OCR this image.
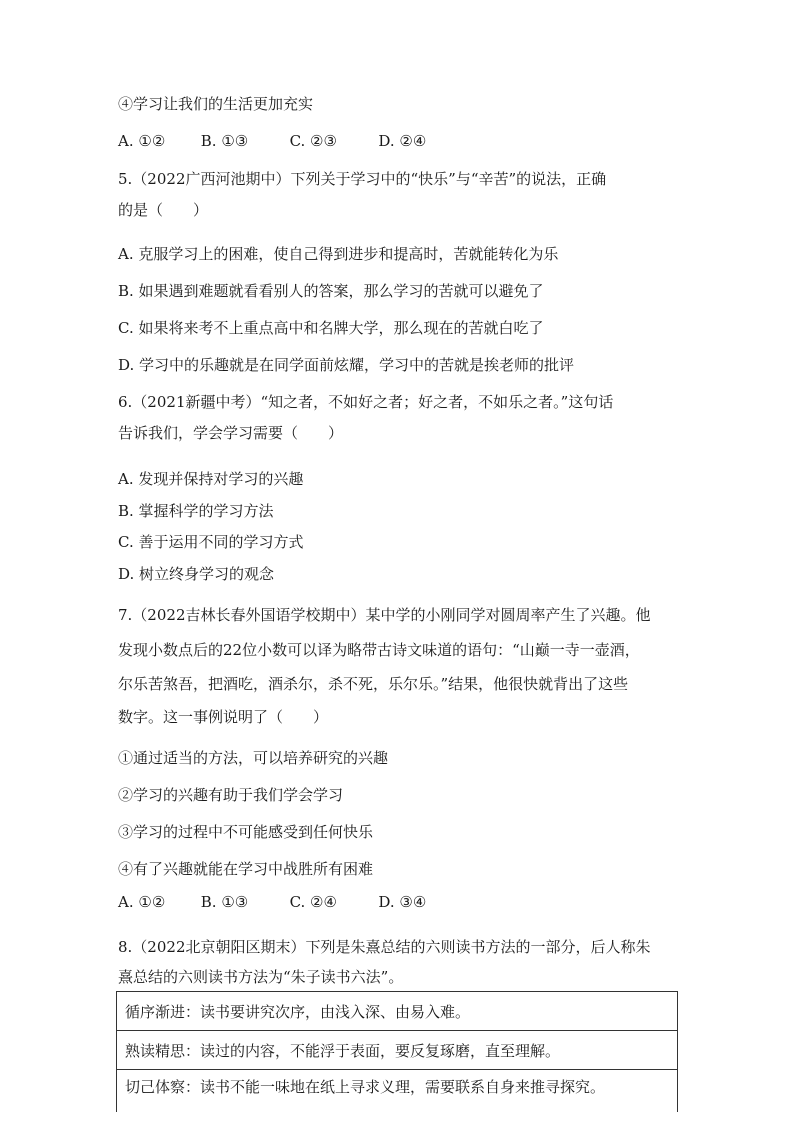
④学习让我们的生活更加充实
A. ①② B. ①③	C. ②③	D. ②④
5.（2022广西河池期中）下列关于学习中的“快乐”与“辛苦”的说法，正确
的是（　　）
A. 克服学习上的困难，使自己得到进步和提高时，苦就能转化为乐
B. 如果遇到难题就看看别人的答案，那么学习的苦就可以避免了
C. 如果将来考不上重点高中和名牌大学，那么现在的苦就白吃了
D. 学习中的乐趣就是在同学面前炫耀，学习中的苦就是挨老师的批评
6.（2021新疆中考）“知之者，不如好之者；好之者，不如乐之者。”这句话
告诉我们，学会学习需要（　　）
A. 发现并保持对学习的兴趣
B. 掌握科学的学习方法
C. 善于运用不同的学习方式
D. 树立终身学习的观念
7.（2022吉林长春外国语学校期中）某中学的小刚同学对圆周率产生了兴趣。他
发现小数点后的22位小数可以译为略带古诗文味道的语句：“山巅一寺一壶酒，
尔乐苦煞吾，把酒吃，酒杀尔，杀不死，乐尔乐。”结果，他很快就背出了这些
数字。这一事例说明了（　　）
①通过适当的方法，可以培养研究的兴趣
②学习的兴趣有助于我们学会学习
③学习的过程中不可能感受到任何快乐
④有了兴趣就能在学习中战胜所有困难
A. ①② B. ①③	C. ②④	D. ③④
8.（2022北京朝阳区期末）下列是朱熹总结的六则读书方法的一部分，后人称朱
熹总结的六则读书方法为“朱子读书六法”。
循序渐进：读书要讲究次序，由浅入深、由易入难。
熟读精思：读过的内容，不能浮于表面，要反复琢磨，直至理解。
切己体察：读书不能一味地在纸上寻求义理，需要联系自身来推寻探究。
